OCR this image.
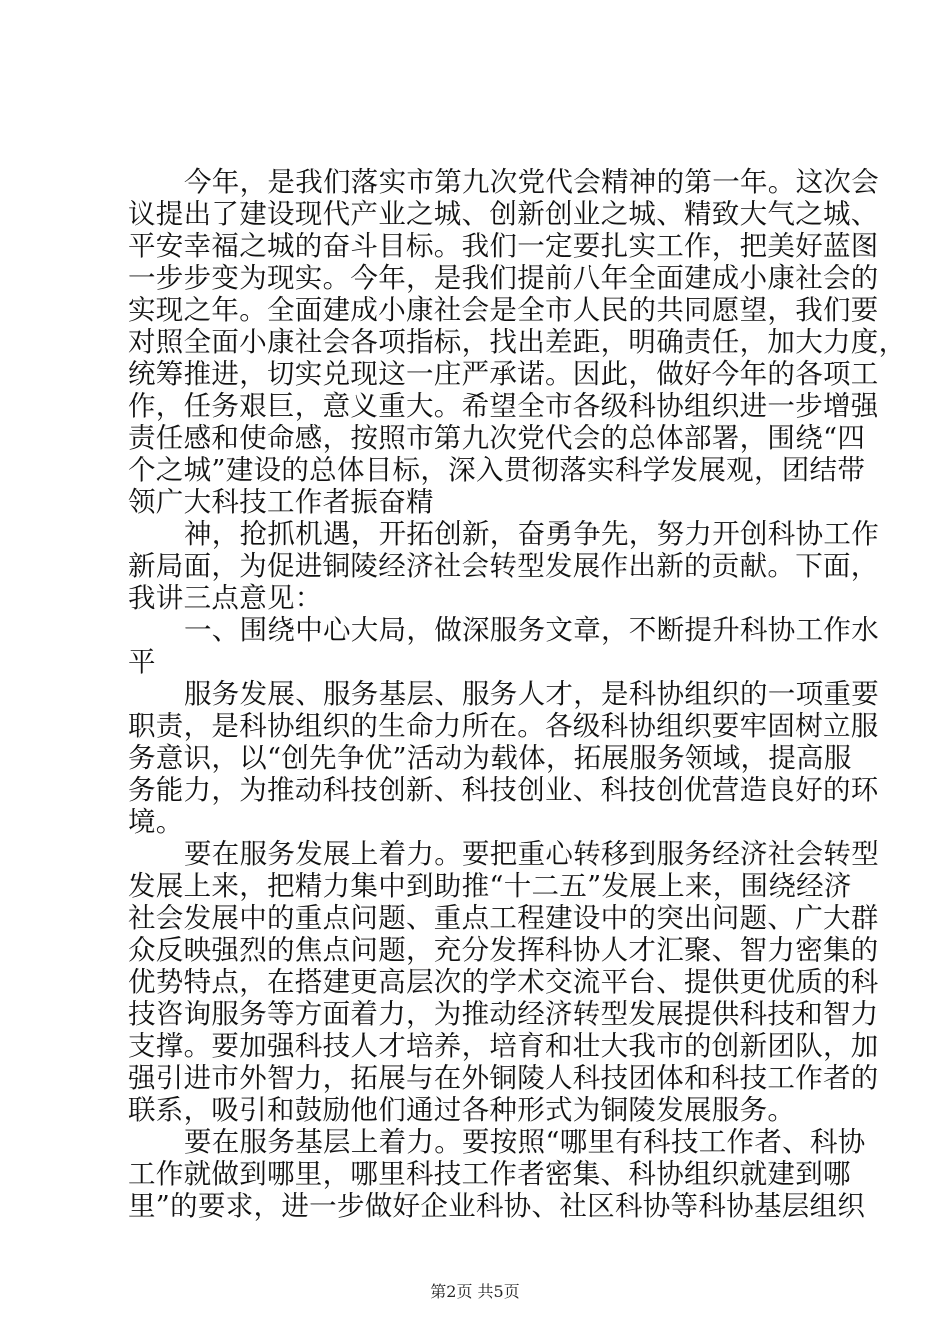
今年，是我们落实市第九次党代会精神的第一年。这次会
议提出了建设现代产业之城、创新创业之城、精致大气之城、
平安幸福之城的奋斗目标。我们一定要扎实工作，把美好蓝图
一步步变为现实。今年，是我们提前八年全面建成小康社会的
实现之年。全面建成小康社会是全市人民的共同愿望，我们要
对照全面小康社会各项指标，找出差距，明确责任，加大力度，
统筹推进，切实兑现这一庄严承诺。因此，做好今年的各项工
作，任务艰巨，意义重大。希望全市各级科协组织进一步增强
责任感和使命感，按照市第九次党代会的总体部署，围绕“四
个之城”建设的总体目标，深入贯彻落实科学发展观，团结带
领广大科技工作者振奋精
神，抢抓机遇，开拓创新，奋勇争先，努力开创科协工作
新局面，为促进铜陵经济社会转型发展作出新的贡献。下面，
我讲三点意见：
一、围绕中心大局，做深服务文章，不断提升科协工作水
平
服务发展、服务基层、服务人才，是科协组织的一项重要
职责，是科协组织的生命力所在。各级科协组织要牢固树立服
务意识，以“创先争优”活动为载体，拓展服务领域，提高服
务能力，为推动科技创新、科技创业、科技创优营造良好的环
境。
要在服务发展上着力。要把重心转移到服务经济社会转型
发展上来，把精力集中到助推“十二五”发展上来，围绕经济
社会发展中的重点问题、重点工程建设中的突出问题、广大群
众反映强烈的焦点问题，充分发挥科协人才汇聚、智力密集的
优势特点，在搭建更高层次的学术交流平台、提供更优质的科
技咨询服务等方面着力，为推动经济转型发展提供科技和智力
支撑。要加强科技人才培养，培育和壮大我市的创新团队，加
强引进市外智力，拓展与在外铜陵人科技团体和科技工作者的
联系，吸引和鼓励他们通过各种形式为铜陵发展服务。
要在服务基层上着力。要按照“哪里有科技工作者、科协
工作就做到哪里，哪里科技工作者密集、科协组织就建到哪
里”的要求，进一步做好企业科协、社区科协等科协基层组织
第2页 共5页
